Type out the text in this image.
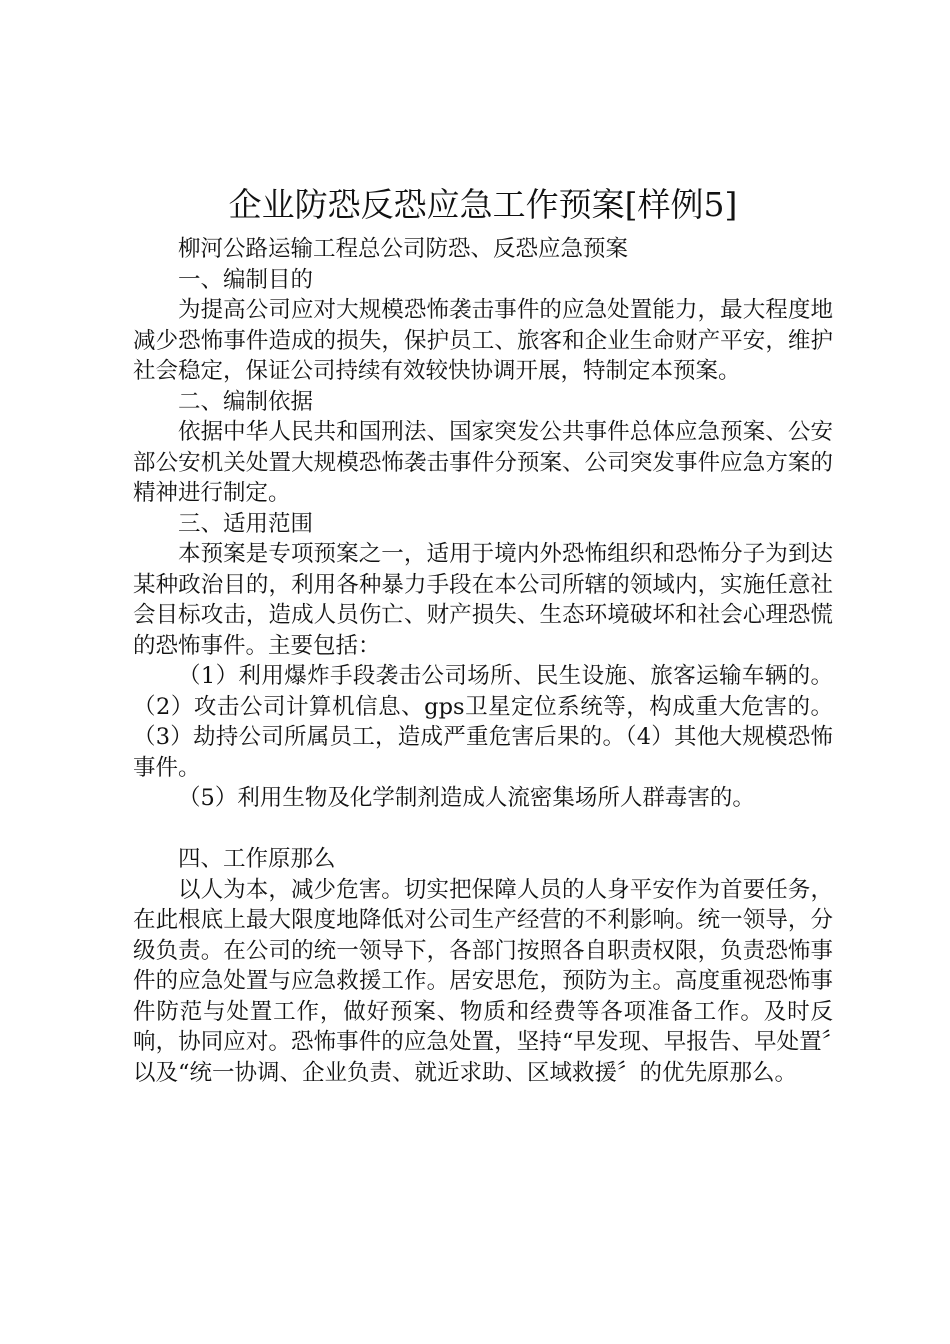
企业防恐反恐应急工作预案[样例5]

柳河公路运输工程总公司防恐、反恐应急预案

一、编制目的

为提高公司应对大规模恐怖袭击事件的应急处置能力，最大程度地减少恐怖事件造成的损失，保护员工、旅客和企业生命财产平安，维护社会稳定，保证公司持续有效较快协调开展，特制定本预案。

二、编制依据

依据中华人民共和国刑法、国家突发公共事件总体应急预案、公安部公安机关处置大规模恐怖袭击事件分预案、公司突发事件应急方案的精神进行制定。

三、适用范围

本预案是专项预案之一，适用于境内外恐怖组织和恐怖分子为到达某种政治目的，利用各种暴力手段在本公司所辖的领域内，实施任意社会目标攻击，造成人员伤亡、财产损失、生态环境破坏和社会心理恐慌的恐怖事件。主要包括：

（1）利用爆炸手段袭击公司场所、民生设施、旅客运输车辆的。（2）攻击公司计算机信息、gps卫星定位系统等，构成重大危害的。（3）劫持公司所属员工，造成严重危害后果的。（4）其他大规模恐怖事件。

（5）利用生物及化学制剂造成人流密集场所人群毒害的。

四、工作原那么

以人为本，减少危害。切实把保障人员的人身平安作为首要任务，在此根底上最大限度地降低对公司生产经营的不利影响。统一领导，分级负责。在公司的统一领导下，各部门按照各自职责权限，负责恐怖事件的应急处置与应急救援工作。居安思危，预防为主。高度重视恐怖事件防范与处置工作，做好预案、物质和经费等各项准备工作。及时反响，协同应对。恐怖事件的应急处置，坚持“早发现、早报告、早处置〞以及“统一协调、企业负责、就近求助、区域救援〞的优先原那么。
